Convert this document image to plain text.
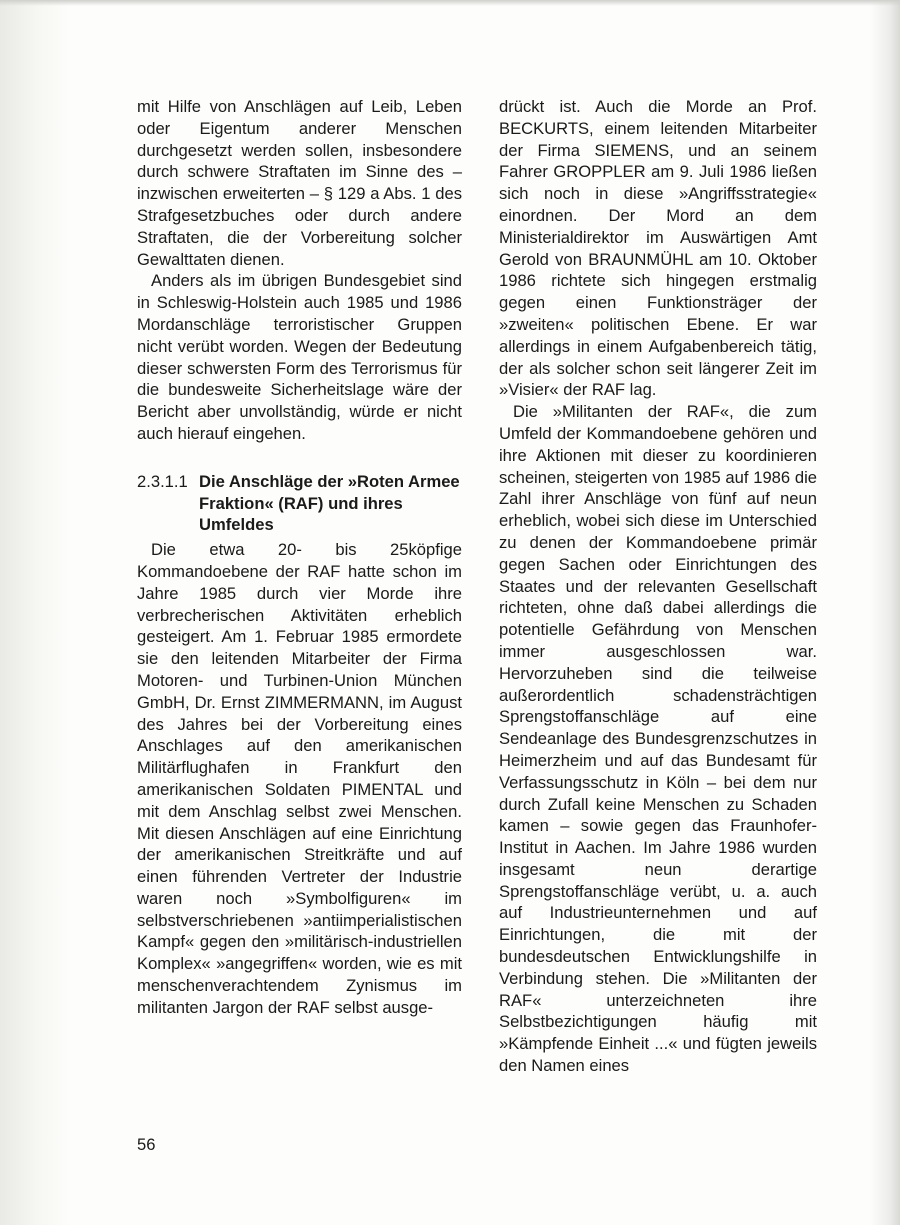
mit Hilfe von Anschlägen auf Leib, Leben oder Eigentum anderer Menschen durchgesetzt werden sollen, insbesondere durch schwere Straftaten im Sinne des – inzwischen erweiterten – § 129 a Abs. 1 des Strafgesetzbuches oder durch andere Straftaten, die der Vorbereitung solcher Gewalttaten dienen.

Anders als im übrigen Bundesgebiet sind in Schleswig-Holstein auch 1985 und 1986 Mordanschläge terroristischer Gruppen nicht verübt worden. Wegen der Bedeutung dieser schwersten Form des Terrorismus für die bundesweite Sicherheitslage wäre der Bericht aber unvollständig, würde er nicht auch hierauf eingehen.

2.3.1.1 Die Anschläge der »Roten Armee Fraktion« (RAF) und ihres Umfeldes

Die etwa 20- bis 25köpfige Kommandoebene der RAF hatte schon im Jahre 1985 durch vier Morde ihre verbrecherischen Aktivitäten erheblich gesteigert. Am 1. Februar 1985 ermordete sie den leitenden Mitarbeiter der Firma Motoren- und Turbinen-Union München GmbH, Dr. Ernst ZIMMERMANN, im August des Jahres bei der Vorbereitung eines Anschlages auf den amerikanischen Militärflughafen in Frankfurt den amerikanischen Soldaten PIMENTAL und mit dem Anschlag selbst zwei Menschen. Mit diesen Anschlägen auf eine Einrichtung der amerikanischen Streitkräfte und auf einen führenden Vertreter der Industrie waren noch »Symbolfiguren« im selbstverschriebenen »antiimperialistischen Kampf« gegen den »militärisch-industriellen Komplex« »angegriffen« worden, wie es mit menschenverachtendem Zynismus im militanten Jargon der RAF selbst ausge-

drückt ist. Auch die Morde an Prof. BECKURTS, einem leitenden Mitarbeiter der Firma SIEMENS, und an seinem Fahrer GROPPLER am 9. Juli 1986 ließen sich noch in diese »Angriffsstrategie« einordnen. Der Mord an dem Ministerialdirektor im Auswärtigen Amt Gerold von BRAUNMÜHL am 10. Oktober 1986 richtete sich hingegen erstmalig gegen einen Funktionsträger der »zweiten« politischen Ebene. Er war allerdings in einem Aufgabenbereich tätig, der als solcher schon seit längerer Zeit im »Visier« der RAF lag.

Die »Militanten der RAF«, die zum Umfeld der Kommandoebene gehören und ihre Aktionen mit dieser zu koordinieren scheinen, steigerten von 1985 auf 1986 die Zahl ihrer Anschläge von fünf auf neun erheblich, wobei sich diese im Unterschied zu denen der Kommandoebene primär gegen Sachen oder Einrichtungen des Staates und der relevanten Gesellschaft richteten, ohne daß dabei allerdings die potentielle Gefährdung von Menschen immer ausgeschlossen war. Hervorzuheben sind die teilweise außerordentlich schadensträchtigen Sprengstoffanschläge auf eine Sendeanlage des Bundesgrenzschutzes in Heimerzheim und auf das Bundesamt für Verfassungsschutz in Köln – bei dem nur durch Zufall keine Menschen zu Schaden kamen – sowie gegen das Fraunhofer-Institut in Aachen. Im Jahre 1986 wurden insgesamt neun derartige Sprengstoffanschläge verübt, u. a. auch auf Industrieunternehmen und auf Einrichtungen, die mit der bundesdeutschen Entwicklungshilfe in Verbindung stehen. Die »Militanten der RAF« unterzeichneten ihre Selbstbezichtigungen häufig mit »Kämpfende Einheit ...« und fügten jeweils den Namen eines

56
